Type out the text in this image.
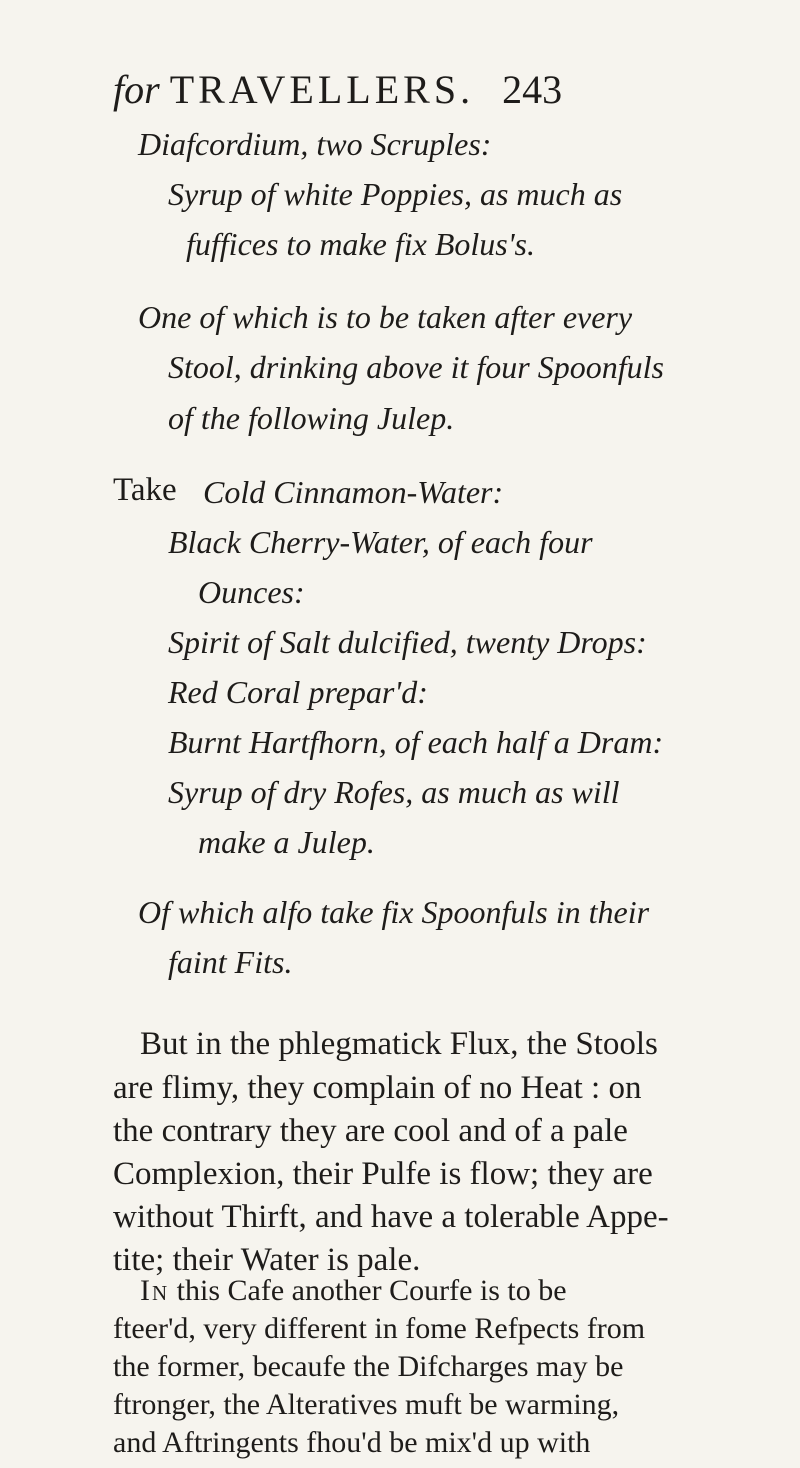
for TRAVELLERS. 243
Diafcordium, two Scruples:
Syrup of white Poppies, as much as
fuffices to make fix Bolus's.
One of which is to be taken after every
Stool, drinking above it four Spoonfuls
of the following Julep.
Take Cold Cinnamon-Water:
Black Cherry-Water, of each four
Ounces:
Spirit of Salt dulcified, twenty Drops:
Red Coral prepar'd:
Burnt Hartfhorn, of each half a Dram:
Syrup of dry Rofes, as much as will
make a Julep.
Of which alfo take fix Spoonfuls in their
faint Fits.
But in the phlegmatick Flux, the Stools
are flimy, they complain of no Heat : on
the contrary they are cool and of a pale
Complexion, their Pulfe is flow; they are
without Thirft, and have a tolerable Appe-
tite; their Water is pale.
In this Cafe another Courfe is to be
fteer'd, very different in fome Refpects from
the former, becaufe the Difcharges may be
ftronger, the Alteratives muft be warming,
and Aftringents fhou'd be mix'd up with
